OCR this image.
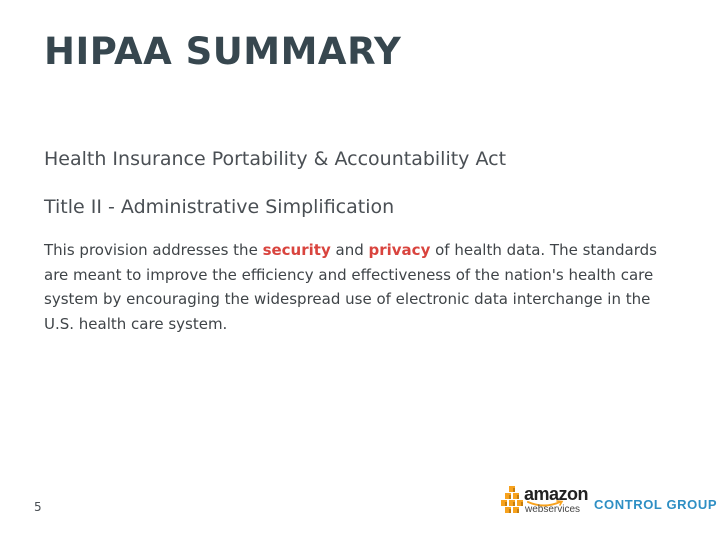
HIPAA SUMMARY

Health Insurance Portability & Accountability Act

Title II - Administrative Simplification

This provision addresses the security and privacy of health data. The standards are meant to improve the efficiency and effectiveness of the nation's health care system by encouraging the widespread use of electronic data interchange in the U.S. health care system.

5
amazon
webservices CONTROL GROUP
